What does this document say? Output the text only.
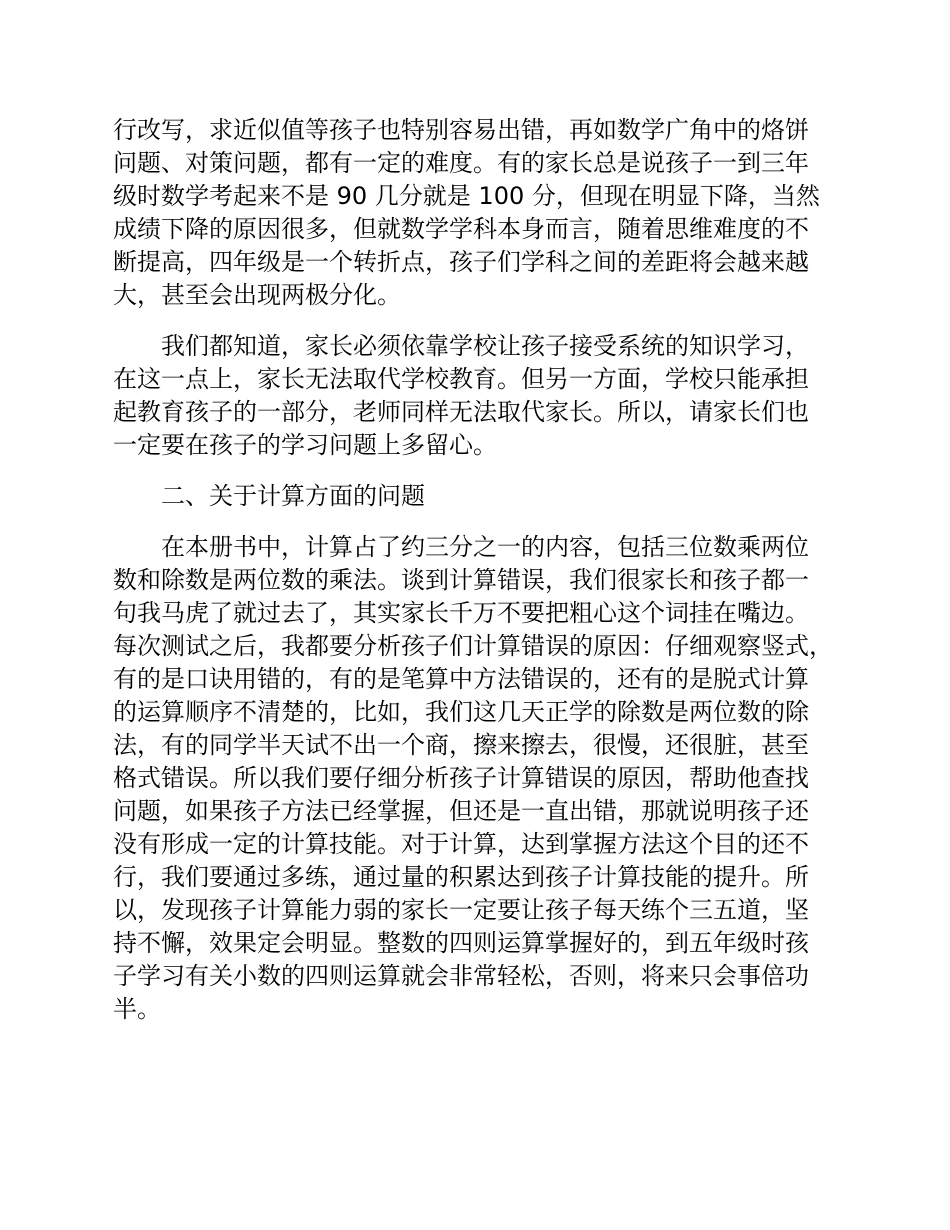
行改写，求近似值等孩子也特别容易出错，再如数学广角中的烙饼
问题、对策问题，都有一定的难度。有的家长总是说孩子一到三年
级时数学考起来不是 90 几分就是 100 分，但现在明显下降，当然
成绩下降的原因很多，但就数学学科本身而言，随着思维难度的不
断提高，四年级是一个转折点，孩子们学科之间的差距将会越来越
大，甚至会出现两极分化。
我们都知道，家长必须依靠学校让孩子接受系统的知识学习，
在这一点上，家长无法取代学校教育。但另一方面，学校只能承担
起教育孩子的一部分，老师同样无法取代家长。所以，请家长们也
一定要在孩子的学习问题上多留心。
二、关于计算方面的问题
在本册书中，计算占了约三分之一的内容，包括三位数乘两位
数和除数是两位数的乘法。谈到计算错误，我们很家长和孩子都一
句我马虎了就过去了，其实家长千万不要把粗心这个词挂在嘴边。
每次测试之后，我都要分析孩子们计算错误的原因：仔细观察竖式，
有的是口诀用错的，有的是笔算中方法错误的，还有的是脱式计算
的运算顺序不清楚的，比如，我们这几天正学的除数是两位数的除
法，有的同学半天试不出一个商，擦来擦去，很慢，还很脏，甚至
格式错误。所以我们要仔细分析孩子计算错误的原因，帮助他查找
问题，如果孩子方法已经掌握，但还是一直出错，那就说明孩子还
没有形成一定的计算技能。对于计算，达到掌握方法这个目的还不
行，我们要通过多练，通过量的积累达到孩子计算技能的提升。所
以，发现孩子计算能力弱的家长一定要让孩子每天练个三五道，坚
持不懈，效果定会明显。整数的四则运算掌握好的，到五年级时孩
子学习有关小数的四则运算就会非常轻松，否则，将来只会事倍功
半。
